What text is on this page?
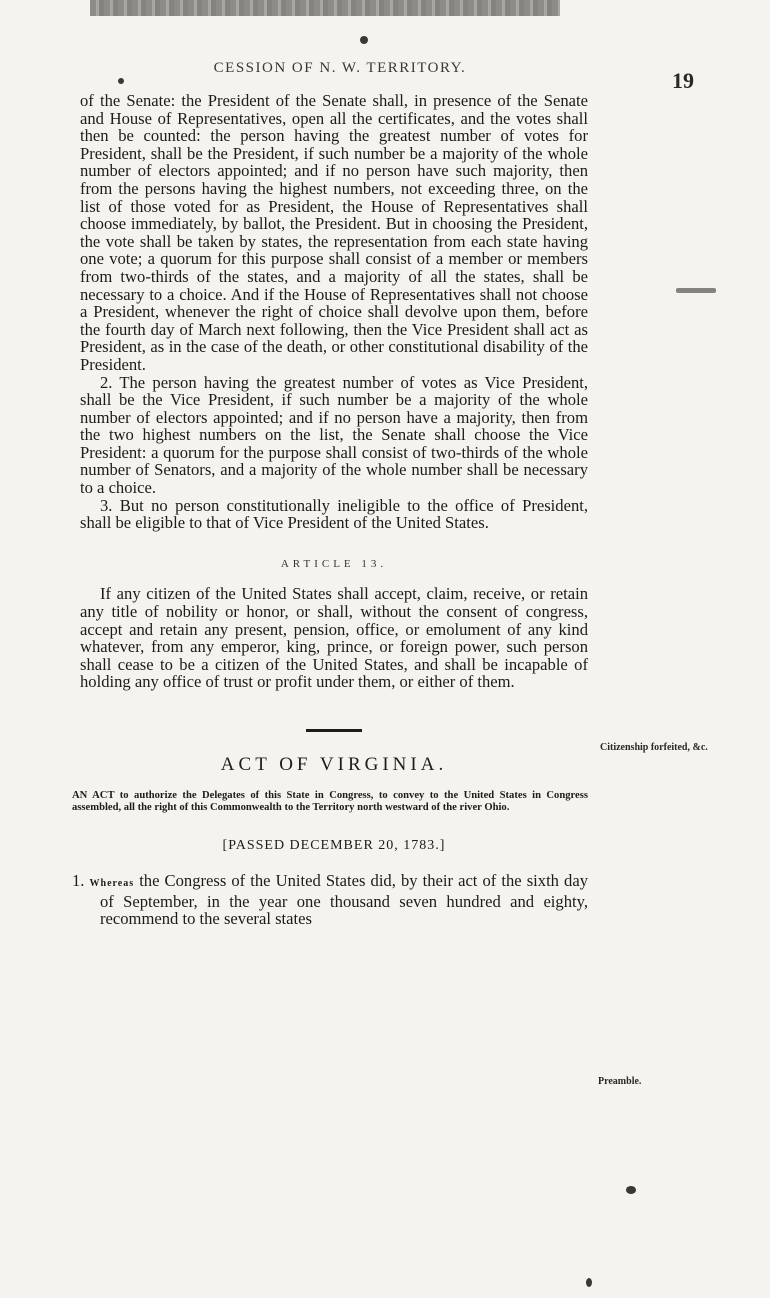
CESSION OF N. W. TERRITORY.	19

of the Senate: the President of the Senate shall, in presence of the Senate and House of Representatives, open all the certificates, and the votes shall then be counted: the person having the greatest number of votes for President, shall be the President, if such number be a majority of the whole number of electors appointed; and if no person have such majority, then from the persons having the highest numbers, not exceeding three, on the list of those voted for as President, the House of Representatives shall choose immediately, by ballot, the President. But in choosing the President, the vote shall be taken by states, the representation from each state having one vote; a quorum for this purpose shall consist of a member or members from two-thirds of the states, and a majority of all the states, shall be necessary to a choice. And if the House of Representatives shall not choose a President, whenever the right of choice shall devolve upon them, before the fourth day of March next following, then the Vice President shall act as President, as in the case of the death, or other constitutional disability of the President.

2. The person having the greatest number of votes as Vice President, shall be the Vice President, if such number be a majority of the whole number of electors appointed; and if no person have a majority, then from the two highest numbers on the list, the Senate shall choose the Vice President: a quorum for the purpose shall consist of two-thirds of the whole number of Senators, and a majority of the whole number shall be necessary to a choice.

3. But no person constitutionally ineligible to the office of President, shall be eligible to that of Vice President of the United States.

ARTICLE 13.

If any citizen of the United States shall accept, claim, receive, or retain any title of nobility or honor, or shall, without the consent of congress, accept and retain any present, pension, office, or emolument of any kind whatever, from any emperor, king, prince, or foreign power, such person shall cease to be a citizen of the United States, and shall be incapable of holding any office of trust or profit under them, or either of them.

ACT OF VIRGINIA.
AN ACT to authorize the Delegates of this State in Congress, to convey to the United States in Congress assembled, all the right of this Commonwealth to the Territory north westward of the river Ohio.
[PASSED DECEMBER 20, 1783.]

1. Whereas the Congress of the United States did, by their act of the sixth day of September, in the year one thousand seven hundred and eighty, recommend to the several states

Citizenship forfeited, &c.
Preamble.
